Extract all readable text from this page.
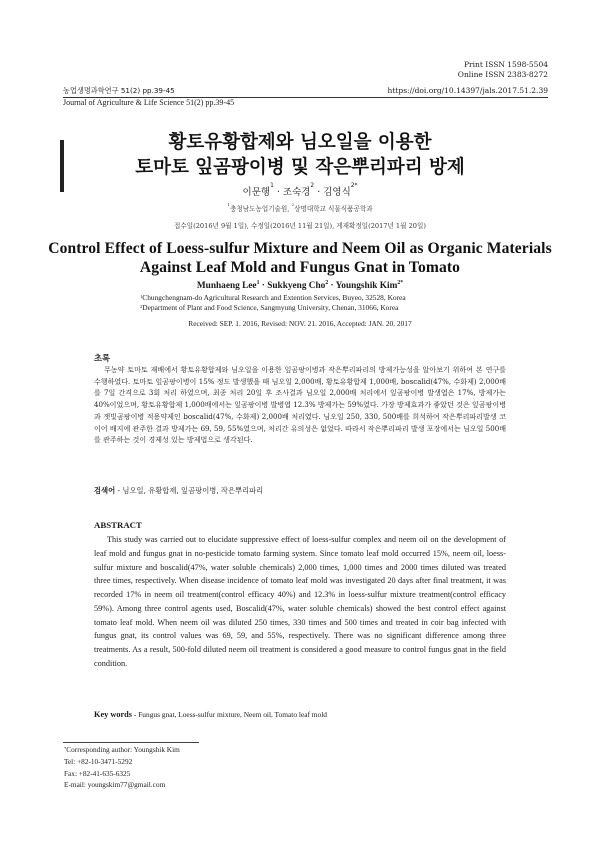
Print ISSN 1598-5504
Online ISSN 2383-8272
농업생명과학연구 51(2) pp.39-45	https://doi.org/10.14397/jals.2017.51.2.39
Journal of Agriculture & Life Science 51(2) pp.39-45
황토유황합제와 님오일을 이용한
토마토 잎곰팡이병 및 작은뿌리파리 방제
이문행$^1$ · 조숙경$^2$ · 김영식$^{2*}$
$^1$충청남도농업기술원, $^2$상명대학교 식물식품공학과
접수일(2016년 9월 1일), 수정일(2016년 11월 21일), 게재확정일(2017년 1월 20일)
Control Effect of Loess-sulfur Mixture and Neem Oil as Organic Materials
Against Leaf Mold and Fungus Gnat in Tomato
Munhaeng Lee$^1$ · Sukkyeng Cho$^2$ · Youngshik Kim$^{2*}$
$^1$Chungchengnam-do Agricultural Research and Extention Services, Buyeo, 32528, Korea
$^2$Department of Plant and Food Science, Sangmyung University, Chenan, 31066, Korea
Received: SEP. 1. 2016, Revised: NOV. 21. 2016, Accepted: JAN. 20. 2017
초록

무농약 토마토 재배에서 황토유황합제와 님오일을 이용한 잎곰팡이병과 작은뿌리파리의 방제가능성을 알아보기 위하여 본 연구를 수행하였다. 토마토 잎곰팡이병이 15% 정도 발생했을 때 님오일 2,000배, 황토유황합제 1,000배, boscalid(47%, 수화제) 2,000배를 7일 간격으로 3회 처리 하였으며, 최종 처리 20일 후 조사결과 님오일 2,000배 처리에서 잎곰팡이병 발생엽은 17%, 방제가는 40%이었으며, 황토유황합제 1,000배에서는 잎곰팡이병 발병엽 12.3% 방제가는 59%였다. 가장 방제효과가 좋았던 것은 잎곰팡이병과 잿빛곰팡이병 적용약제인 boscalid(47%, 수화제) 2,000배 처리였다. 님오일 250, 330, 500배를 희석하여 작은뿌리파리발생 코이어 배지에 관주한 결과 방제가는 69, 59, 55%였으며, 처리간 유의성은 없었다. 따라서 작은뿌리파리 발생 포장에서는 님오일 500배를 관주하는 것이 경제성 있는 방제법으로 생각된다.

검색어 - 님오일, 유황합제, 잎곰팡이병, 작은뿌리파리
ABSTRACT

This study was carried out to elucidate suppressive effect of loess-sulfur complex and neem oil on the development of leaf mold and fungus gnat in no-pesticide tomato farming system. Since tomato leaf mold occurred 15%, neem oil, loess-sulfur mixture and boscalid(47%, water soluble chemicals) 2,000 times, 1,000 times and 2000 times diluted was treated three times, respectively. When disease incidence of tomato leaf mold was investigated 20 days after final treatment, it was recorded 17% in neem oil treatment(control efficacy 40%) and 12.3% in loess-sulfur mixture treatment(control efficacy 59%). Among three control agents used, Boscalid(47%, water soluble chemicals) showed the best control effect against tomato leaf mold. When neem oil was diluted 250 times, 330 times and 500 times and treated in coir bag infected with fungus gnat, its control values was 69, 59, and 55%, respectively. There was no significant difference among three treatments. As a result, 500-fold diluted neem oil treatment is considered a good measure to control fungus gnat in the field condition.

Key words - Fungus gnat, Loess-sulfur mixture, Neem oil, Tomato leaf mold
*Corresponding author: Youngshik Kim
Tel: +82-10-3471-5292
Fax: +82-41-635-6325
E-mail: youngskim77@gmail.com
